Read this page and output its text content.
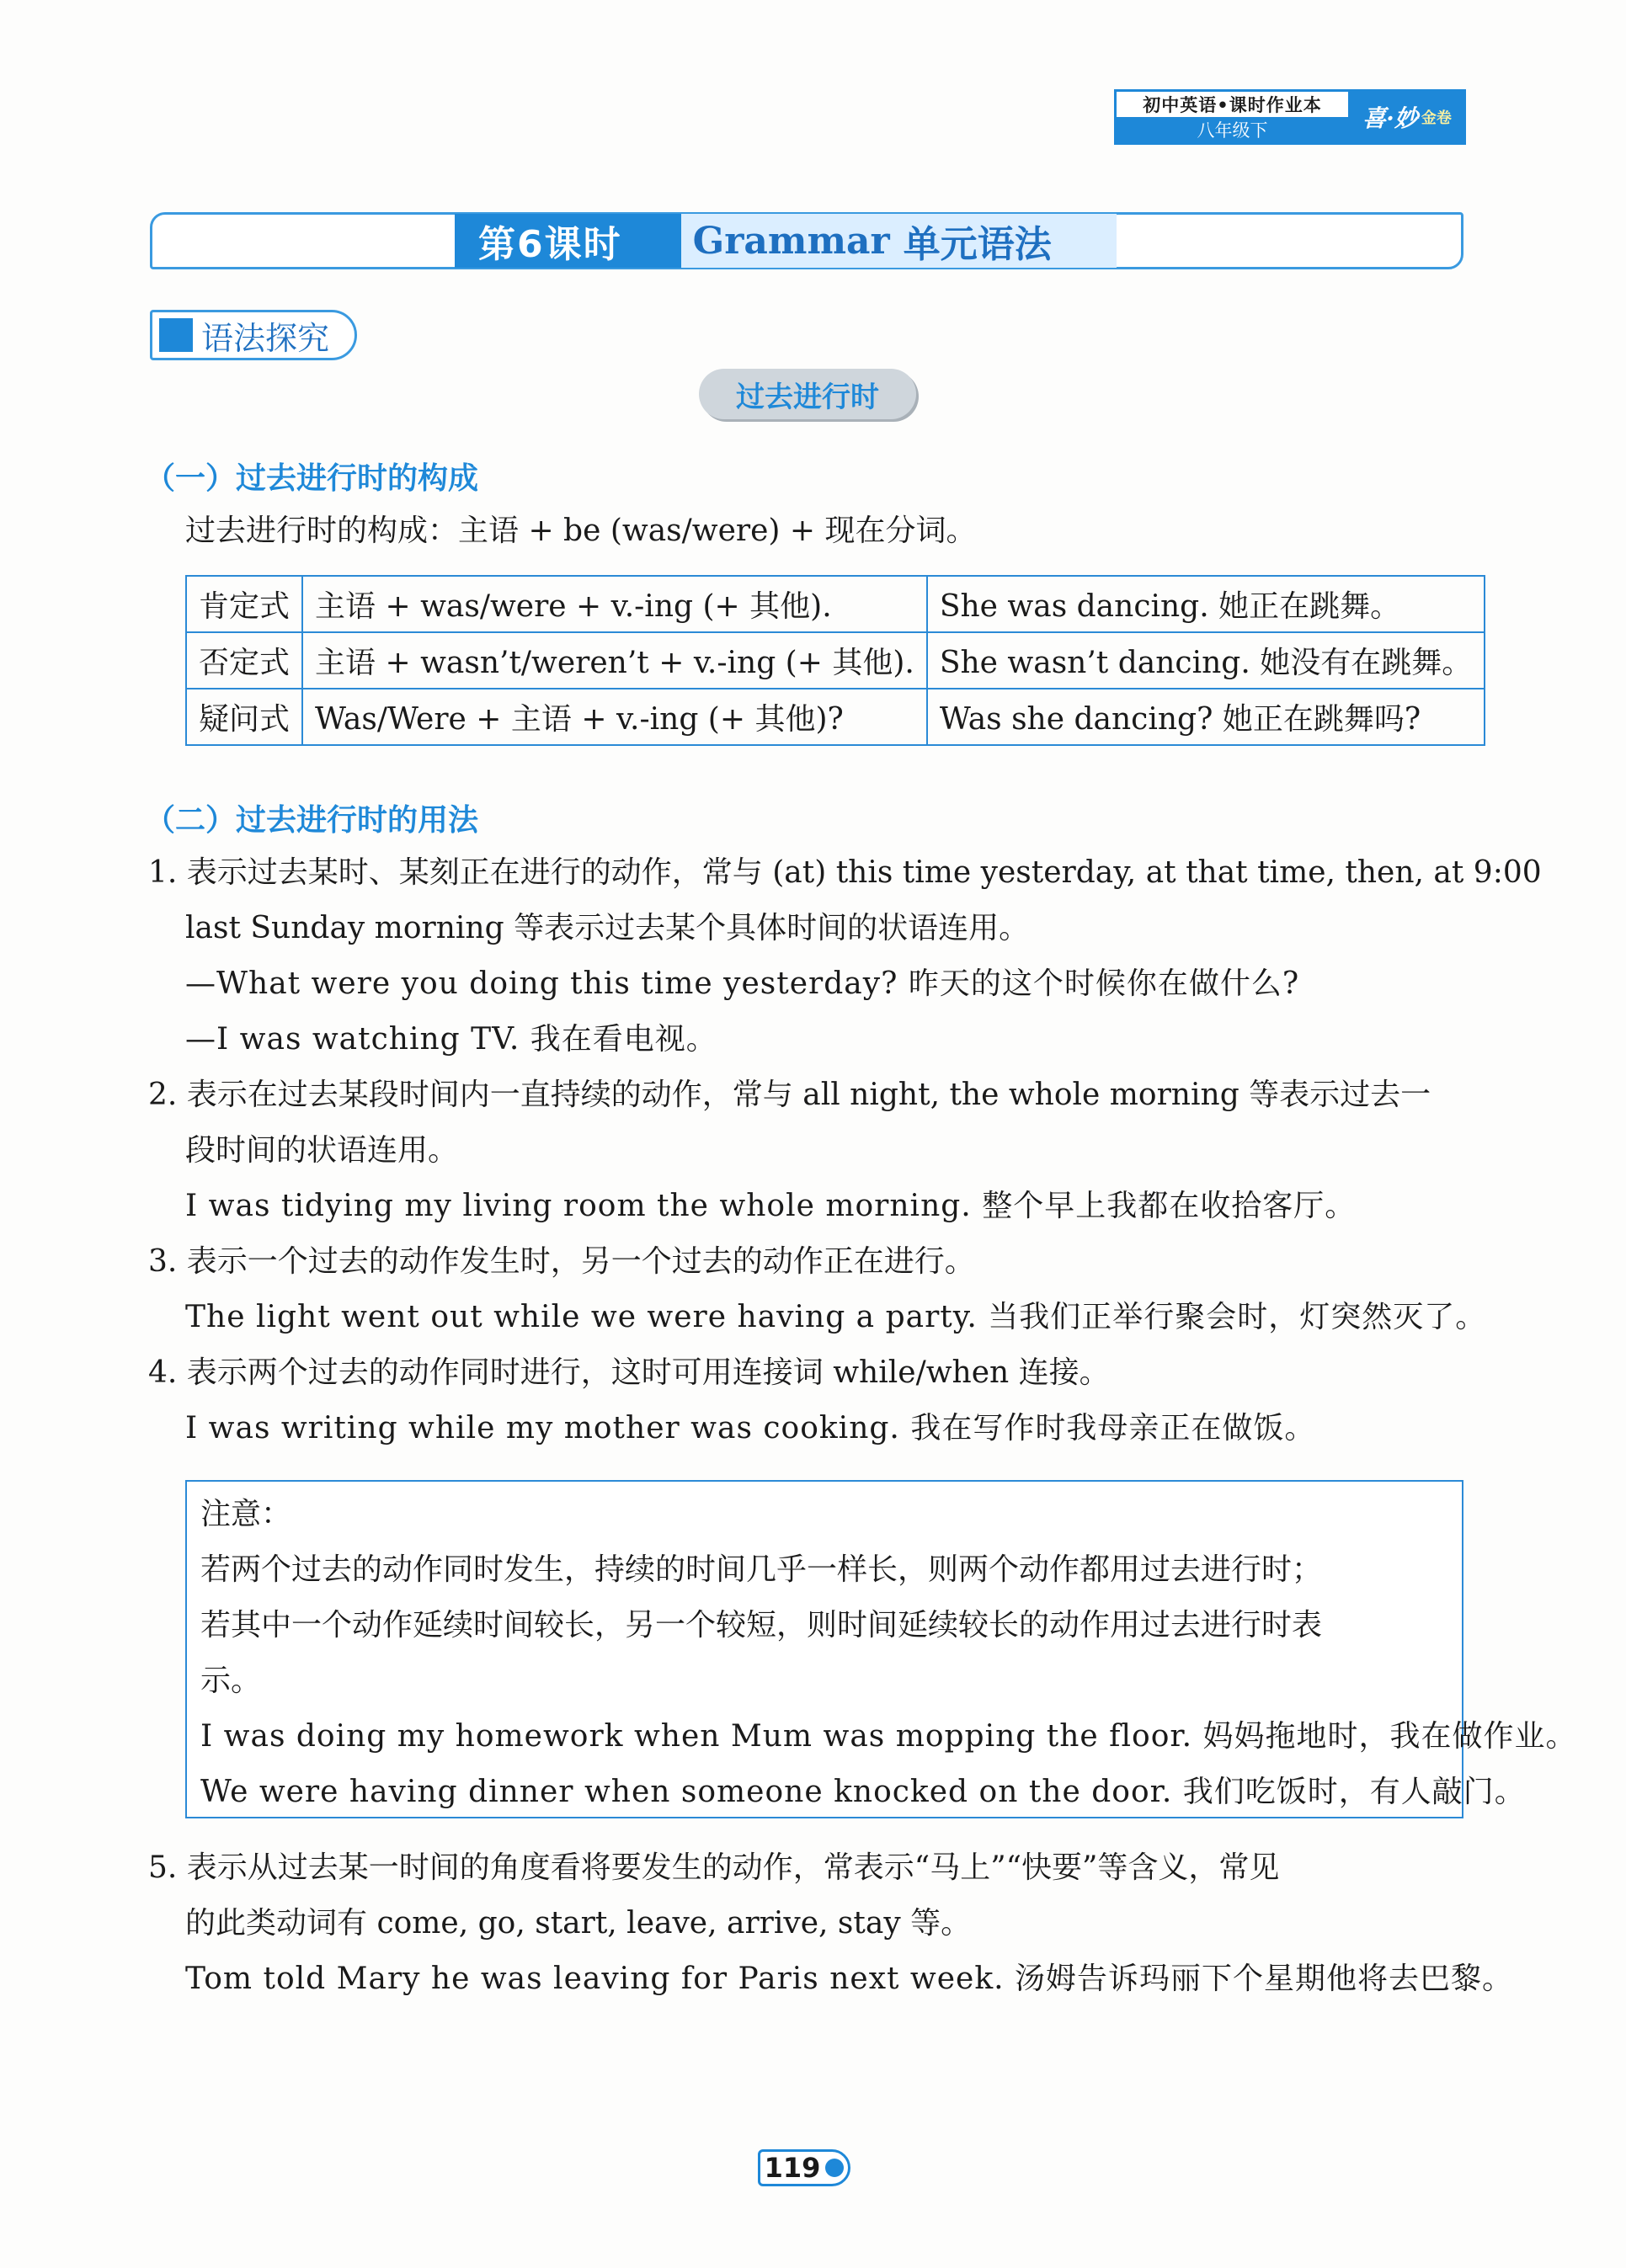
初中英语•课时作业本
八年级下	喜·妙 金卷
第6课时 Grammar 单元语法
语法探究
过去进行时
（一）过去进行时的构成
过去进行时的构成：主语 + be (was/were) + 现在分词。
肯定式	主语 + was/were + v.-ing (+ 其他).	She was dancing. 她正在跳舞。
否定式	主语 + wasn’t/weren’t + v.-ing (+ 其他).	She wasn’t dancing. 她没有在跳舞。
疑问式	Was/Were + 主语 + v.-ing (+ 其他)?	Was she dancing? 她正在跳舞吗?
（二）过去进行时的用法
1. 表示过去某时、某刻正在进行的动作，常与 (at) this time yesterday, at that time, then, at 9:00
last Sunday morning 等表示过去某个具体时间的状语连用。
—What were you doing this time yesterday? 昨天的这个时候你在做什么?
—I was watching TV. 我在看电视。
2. 表示在过去某段时间内一直持续的动作，常与 all night, the whole morning 等表示过去一
段时间的状语连用。
I was tidying my living room the whole morning. 整个早上我都在收拾客厅。
3. 表示一个过去的动作发生时，另一个过去的动作正在进行。
The light went out while we were having a party. 当我们正举行聚会时，灯突然灭了。
4. 表示两个过去的动作同时进行，这时可用连接词 while/when 连接。
I was writing while my mother was cooking. 我在写作时我母亲正在做饭。
注意：
若两个过去的动作同时发生，持续的时间几乎一样长，则两个动作都用过去进行时；
若其中一个动作延续时间较长，另一个较短，则时间延续较长的动作用过去进行时表
示。
I was doing my homework when Mum was mopping the floor. 妈妈拖地时，我在做作业。
We were having dinner when someone knocked on the door. 我们吃饭时，有人敲门。
5. 表示从过去某一时间的角度看将要发生的动作，常表示“马上”“快要”等含义，常见
的此类动词有 come, go, start, leave, arrive, stay 等。
Tom told Mary he was leaving for Paris next week. 汤姆告诉玛丽下个星期他将去巴黎。
119
